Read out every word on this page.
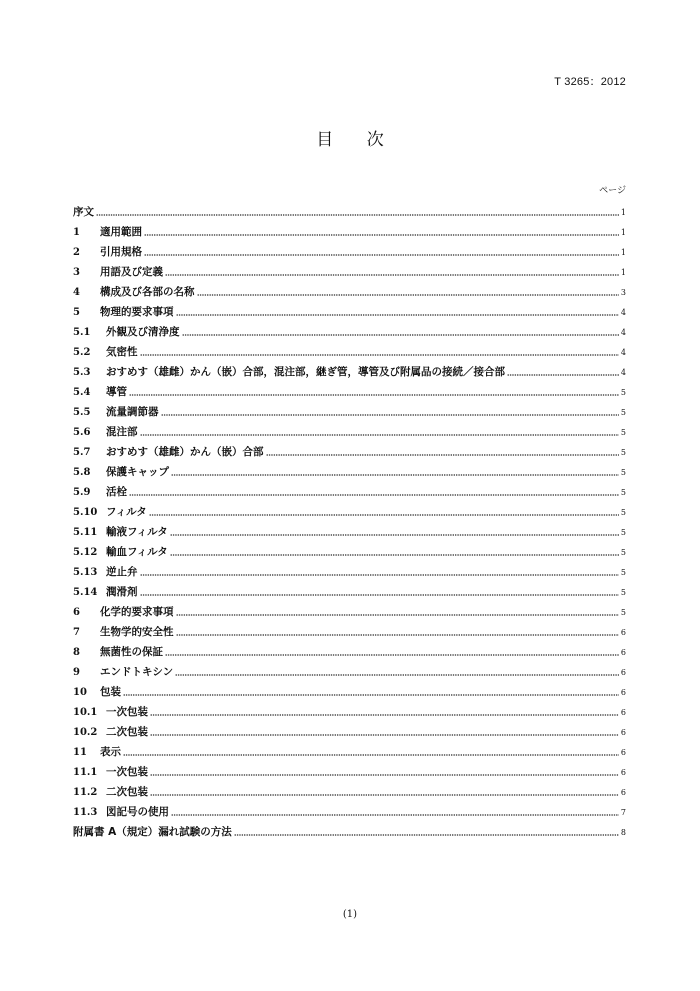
T 3265：2012
目 次
ページ
序文	1
1	適用範囲	1
2	引用規格	1
3	用語及び定義	1
4	構成及び各部の名称	3
5	物理的要求事項	4
5.1	外観及び清浄度	4
5.2	気密性	4
5.3	おすめす（雄雌）かん（嵌）合部，混注部，継ぎ管，導管及び附属品の接続／接合部	4
5.4	導管	5
5.5	流量調節器	5
5.6	混注部	5
5.7	おすめす（雄雌）かん（嵌）合部	5
5.8	保護キャップ	5
5.9	活栓	5
5.10 フィルタ	5
5.11 輸液フィルタ	5
5.12 輸血フィルタ	5
5.13 逆止弁	5
5.14 潤滑剤	5
6	化学的要求事項	5
7	生物学的安全性	6
8	無菌性の保証	6
9	エンドトキシン	6
10	包装	6
10.1 一次包装	6
10.2 二次包装	6
11	表示	6
11.1 一次包装	6
11.2 二次包装	6
11.3 図記号の使用	7
附属書 A（規定）漏れ試験の方法	8
(1)
